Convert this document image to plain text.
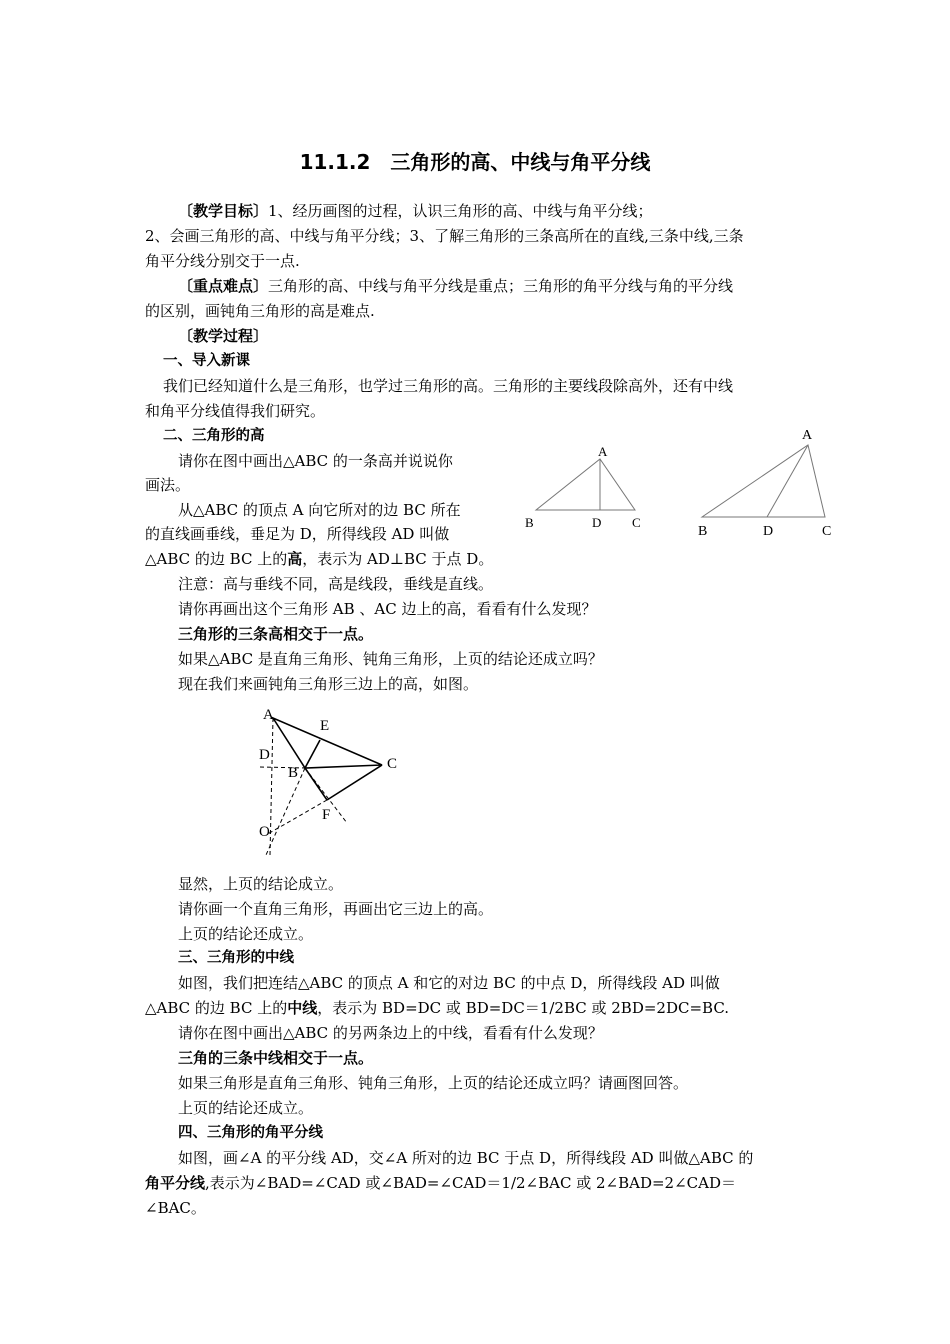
11.1.2　三角形的高、中线与角平分线
〔教学目标〕1、经历画图的过程，认识三角形的高、中线与角平分线；
2、会画三角形的高、中线与角平分线；3、了解三角形的三条高所在的直线,三条中线,三条
角平分线分别交于一点.
〔重点难点〕三角形的高、中线与角平分线是重点；三角形的角平分线与角的平分线
的区别，画钝角三角形的高是难点.
〔教学过程〕
一、导入新课
我们已经知道什么是三角形，也学过三角形的高。三角形的主要线段除高外，还有中线
和角平分线值得我们研究。
二、三角形的高
请你在图中画出△ABC 的一条高并说说你
画法。
从△ABC 的顶点 A 向它所对的边 BC 所在
的直线画垂线，垂足为 D，所得线段 AD 叫做
△ABC 的边 BC 上的高，表示为 AD⊥BC 于点 D。
注意：高与垂线不同，高是线段，垂线是直线。
请你再画出这个三角形 AB 、AC 边上的高，看看有什么发现？
三角形的三条高相交于一点。
如果△ABC 是直角三角形、钝角三角形，上页的结论还成立吗？
现在我们来画钝角三角形三边上的高，如图。
A
B	D C
A
B	D	C
A
E
D
B
C
F
O
显然，上页的结论成立。
请你画一个直角三角形，再画出它三边上的高。
上页的结论还成立。
三、三角形的中线
如图，我们把连结△ABC 的顶点 A 和它的对边 BC 的中点 D，所得线段 AD 叫做
△ABC 的边 BC 上的中线，表示为 BD=DC 或 BD=DC＝1/2BC 或 2BD=2DC=BC.
请你在图中画出△ABC 的另两条边上的中线，看看有什么发现？
三角的三条中线相交于一点。
如果三角形是直角三角形、钝角三角形，上页的结论还成立吗？请画图回答。
上页的结论还成立。
四、三角形的角平分线
如图，画∠A 的平分线 AD，交∠A 所对的边 BC 于点 D，所得线段 AD 叫做△ABC 的
角平分线,表示为∠BAD=∠CAD 或∠BAD=∠CAD＝1/2∠BAC 或 2∠BAD=2∠CAD＝
∠BAC。
